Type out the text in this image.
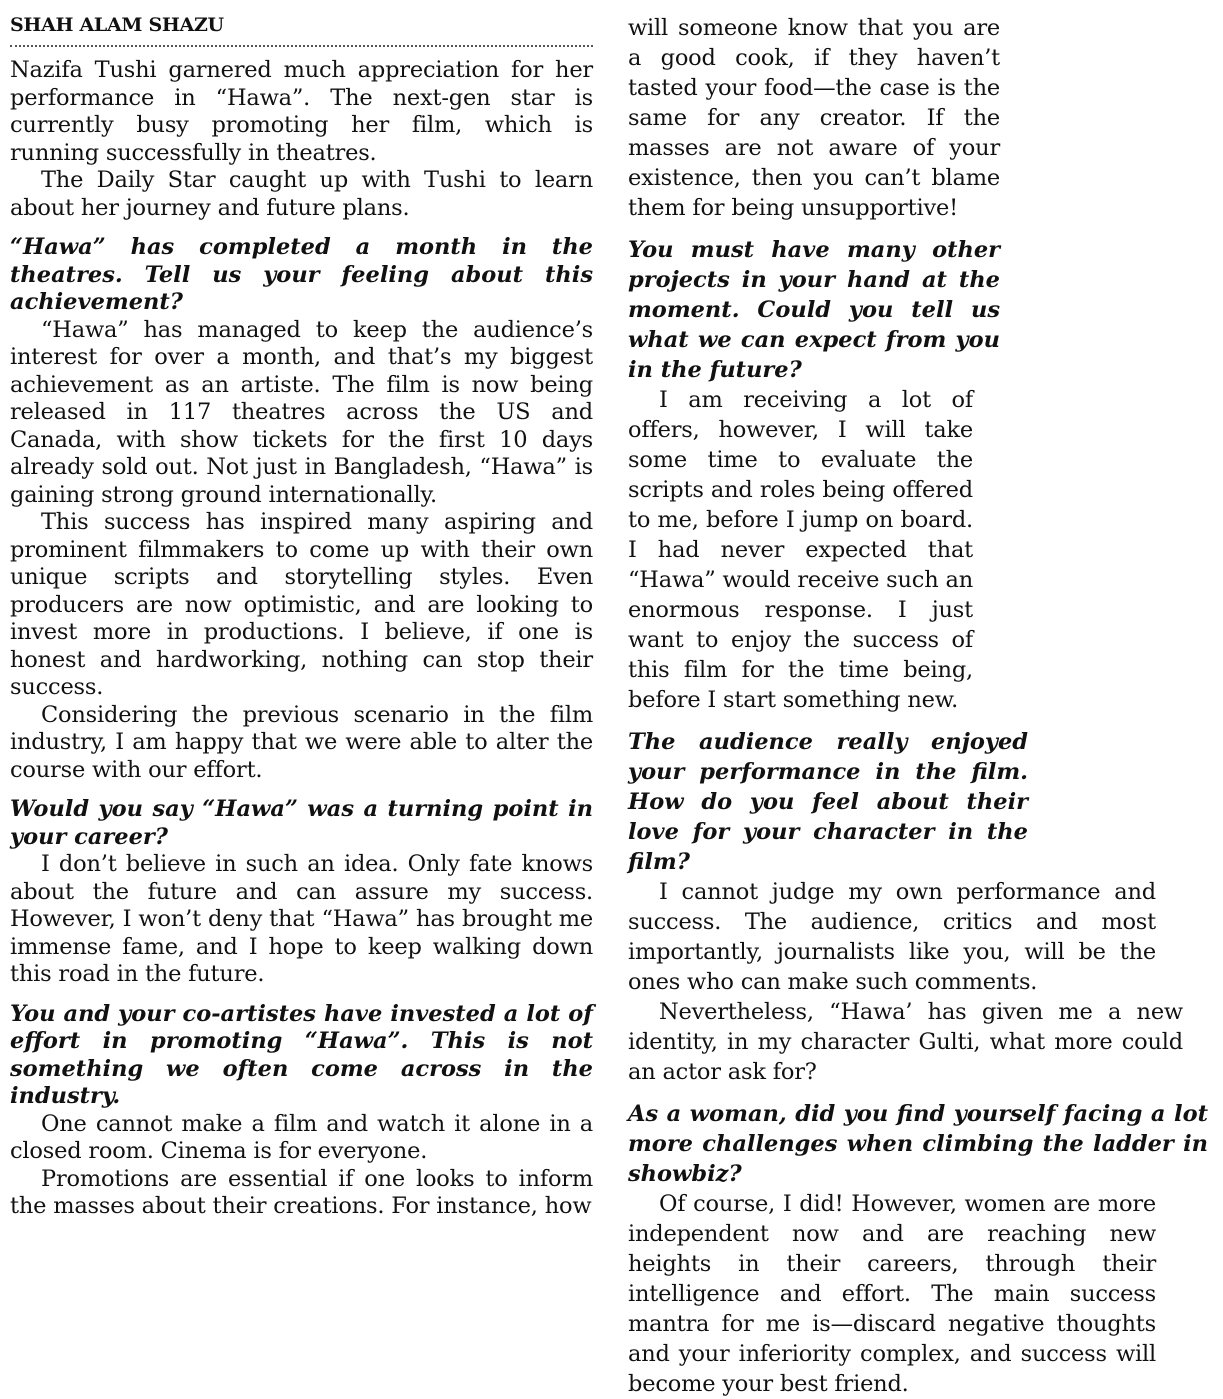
SHAH ALAM SHAZU

Nazifa Tushi garnered much appreciation for her performance in “Hawa”. The next-gen star is currently busy promoting her film, which is running successfully in theatres.

The Daily Star caught up with Tushi to learn about her journey and future plans.

“Hawa” has completed a month in the theatres. Tell us your feeling about this achievement?

“Hawa” has managed to keep the audience’s interest for over a month, and that’s my biggest achievement as an artiste. The film is now being released in 117 theatres across the US and Canada, with show tickets for the first 10 days already sold out. Not just in Bangladesh, “Hawa” is gaining strong ground internationally.

This success has inspired many aspiring and prominent filmmakers to come up with their own unique scripts and storytelling styles. Even producers are now optimistic, and are looking to invest more in productions. I believe, if one is honest and hardworking, nothing can stop their success.

Considering the previous scenario in the film industry, I am happy that we were able to alter the course with our effort.

Would you say “Hawa” was a turning point in your career?

I don’t believe in such an idea. Only fate knows about the future and can assure my success. However, I won’t deny that “Hawa” has brought me immense fame, and I hope to keep walking down this road in the future.

You and your co-artistes have invested a lot of effort in promoting “Hawa”. This is not something we often come across in the industry.

One cannot make a film and watch it alone in a closed room. Cinema is for everyone.

Promotions are essential if one looks to inform the masses about their creations. For instance, how

will someone know that you are a good cook, if they haven’t tasted your food—the case is the same for any creator. If the masses are not aware of your existence, then you can’t blame them for being unsupportive!

You must have many other projects in your hand at the moment. Could you tell us what we can expect from you in the future?

I am receiving a lot of offers, however, I will take some time to evaluate the scripts and roles being offered to me, before I jump on board. I had never expected that “Hawa” would receive such an enormous response. I just want to enjoy the success of this film for the time being, before I start something new.

The audience really enjoyed your performance in the film. How do you feel about their love for your character in the film?

I cannot judge my own performance and success. The audience, critics and most importantly, journalists like you, will be the ones who can make such comments.

Nevertheless, “Hawa’ has given me a new identity, in my character Gulti, what more could an actor ask for?

As a woman, did you find yourself facing a lot more challenges when climbing the ladder in showbiz?

Of course, I did! However, women are more independent now and are reaching new heights in their careers, through their intelligence and effort. The main success mantra for me is—discard negative thoughts and your inferiority complex, and success will become your best friend.
